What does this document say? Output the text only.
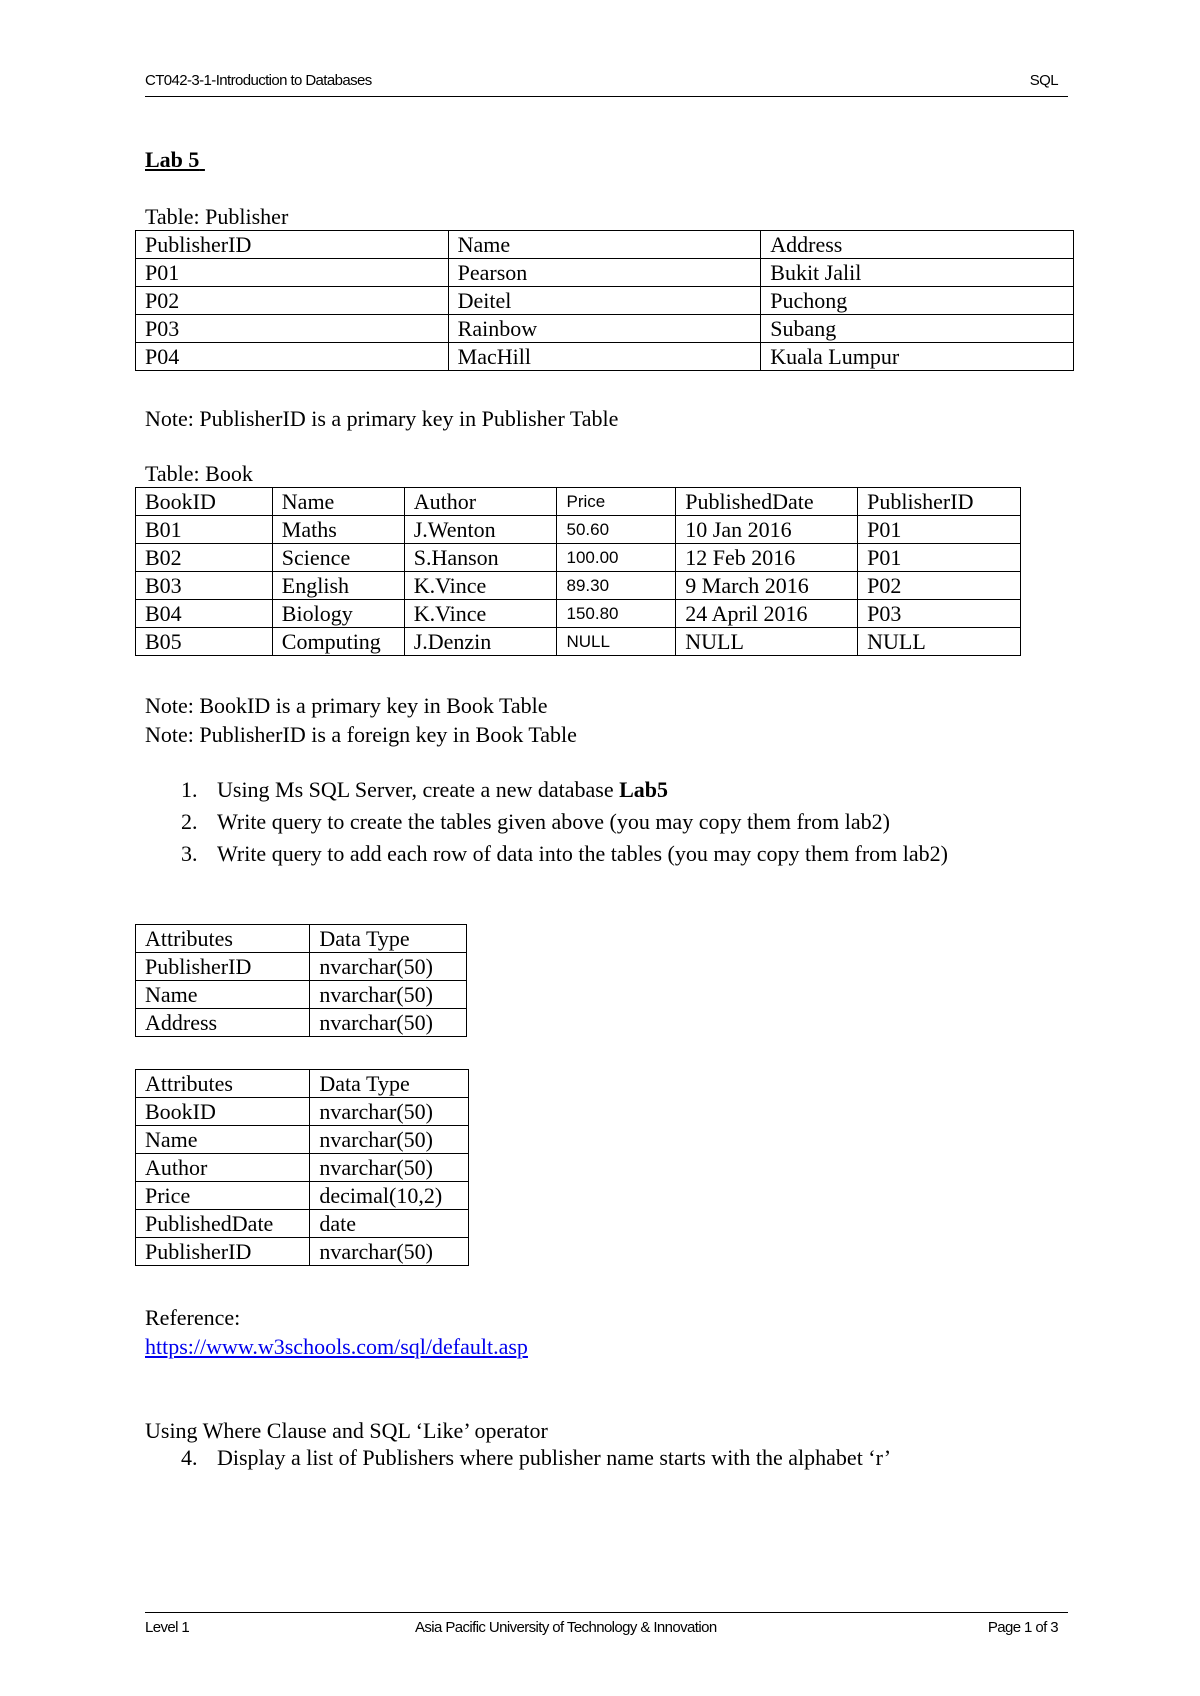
CT042-3-1-Introduction to Databases	SQL
Lab 5
Table: Publisher
PublisherID	Name	Address
P01	Pearson	Bukit Jalil
P02	Deitel	Puchong
P03	Rainbow	Subang
P04	MacHill	Kuala Lumpur
Note: PublisherID is a primary key in Publisher Table
Table: Book
BookID	Name	Author	Price	PublishedDate	PublisherID
B01	Maths	J.Wenton	50.60	10 Jan 2016	P01
B02	Science	S.Hanson	100.00	12 Feb 2016	P01
B03	English	K.Vince	89.30	9 March 2016	P02
B04	Biology	K.Vince	150.80	24 April 2016	P03
B05	Computing	J.Denzin	NULL	NULL	NULL
Note: BookID is a primary key in Book Table
Note: PublisherID is a foreign key in Book Table
1. Using Ms SQL Server, create a new database Lab5
2. Write query to create the tables given above (you may copy them from lab2)
3. Write query to add each row of data into the tables (you may copy them from lab2)
Attributes	Data Type
PublisherID	nvarchar(50)
Name	nvarchar(50)
Address	nvarchar(50)
Attributes	Data Type
BookID	nvarchar(50)
Name	nvarchar(50)
Author	nvarchar(50)
Price	decimal(10,2)
PublishedDate	date
PublisherID	nvarchar(50)
Reference:
https://www.w3schools.com/sql/default.asp
Using Where Clause and SQL ‘Like’ operator
4. Display a list of Publishers where publisher name starts with the alphabet ‘r’
Level 1	Asia Pacific University of Technology & Innovation	Page 1 of 3
